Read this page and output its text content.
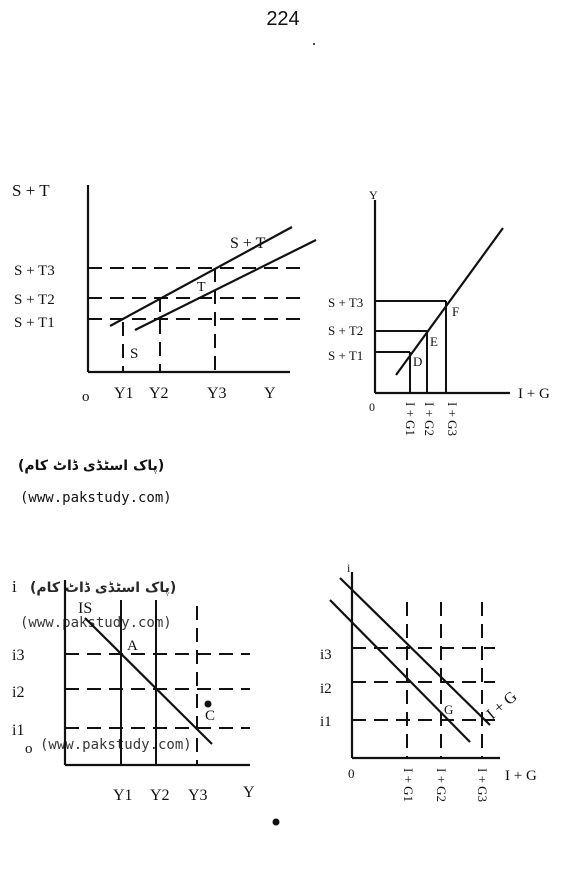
224
S + T
S + T3
S + T2
S + T1
S + T
T
S
o Y1 Y2 Y3 Y
Y
S + T3
S + T2
S + T1
F
E
D
0
I + G
I + G1 I + G2 I + G3
i
i3
i2
i1
IS
A
C
o
Y1 Y2 Y3 Y
i
i3
i2
i1	I + G
G
0	I + G
I + G1 I + G2 I + G3
(پاک اسٹڈی ڈاٹ کام)
(www.pakstudy.com)
(پاک اسٹڈی ڈاٹ کام)
(www.pakstudy.com)
(www.pakstudy.com)
